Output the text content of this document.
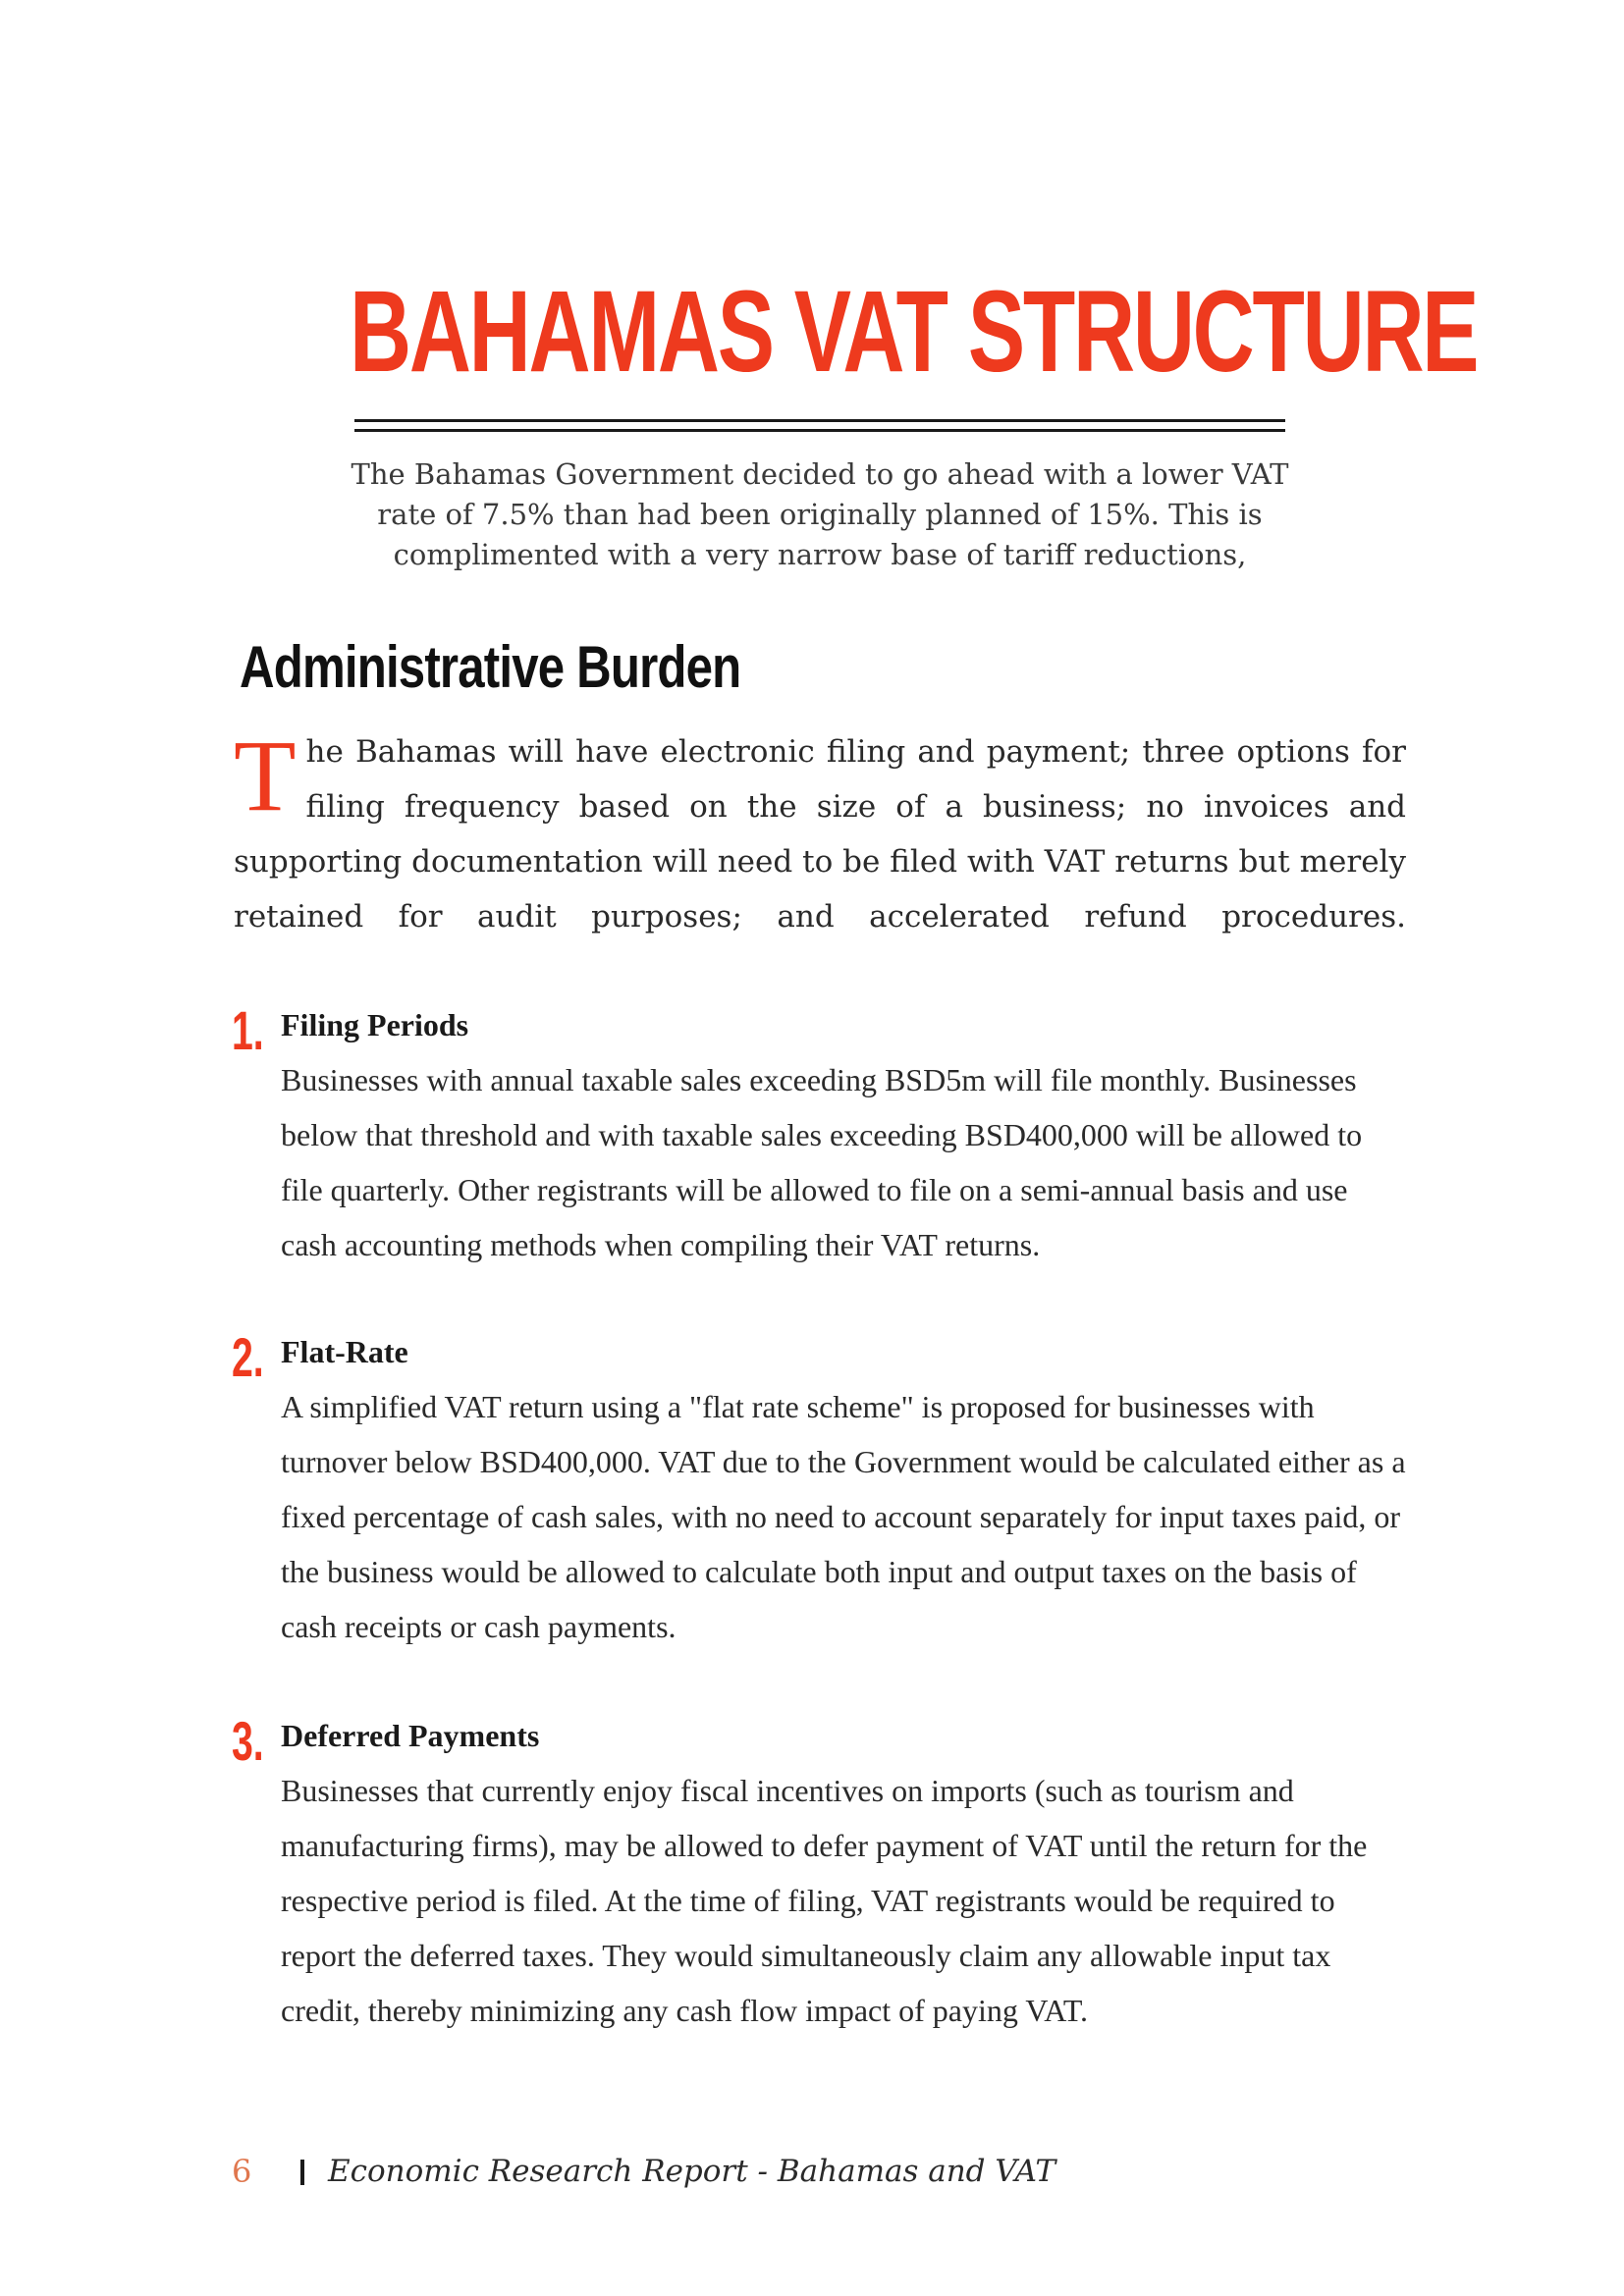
BAHAMAS VAT STRUCTURE

The Bahamas Government decided to go ahead with a lower VAT rate of 7.5% than had been originally planned of 15%. This is complimented with a very narrow base of tariff reductions,

Administrative Burden

The Bahamas will have electronic filing and payment; three options for filing frequency based on the size of a business; no invoices and supporting documentation will need to be filed with VAT returns but merely retained for audit purposes; and accelerated refund procedures.

1. Filing Periods

Businesses with annual taxable sales exceeding BSD5m will file monthly. Businesses below that threshold and with taxable sales exceeding BSD400,000 will be allowed to file quarterly. Other registrants will be allowed to file on a semi-annual basis and use cash accounting methods when compiling their VAT returns.

2. Flat-Rate

A simplified VAT return using a "flat rate scheme" is proposed for businesses with turnover below BSD400,000. VAT due to the Government would be calculated either as a fixed percentage of cash sales, with no need to account separately for input taxes paid, or the business would be allowed to calculate both input and output taxes on the basis of cash receipts or cash payments.

3. Deferred Payments

Businesses that currently enjoy fiscal incentives on imports (such as tourism and manufacturing firms), may be allowed to defer payment of VAT until the return for the respective period is filed. At the time of filing, VAT registrants would be required to report the deferred taxes. They would simultaneously claim any allowable input tax credit, thereby minimizing any cash flow impact of paying VAT.

6	Economic Research Report - Bahamas and VAT
